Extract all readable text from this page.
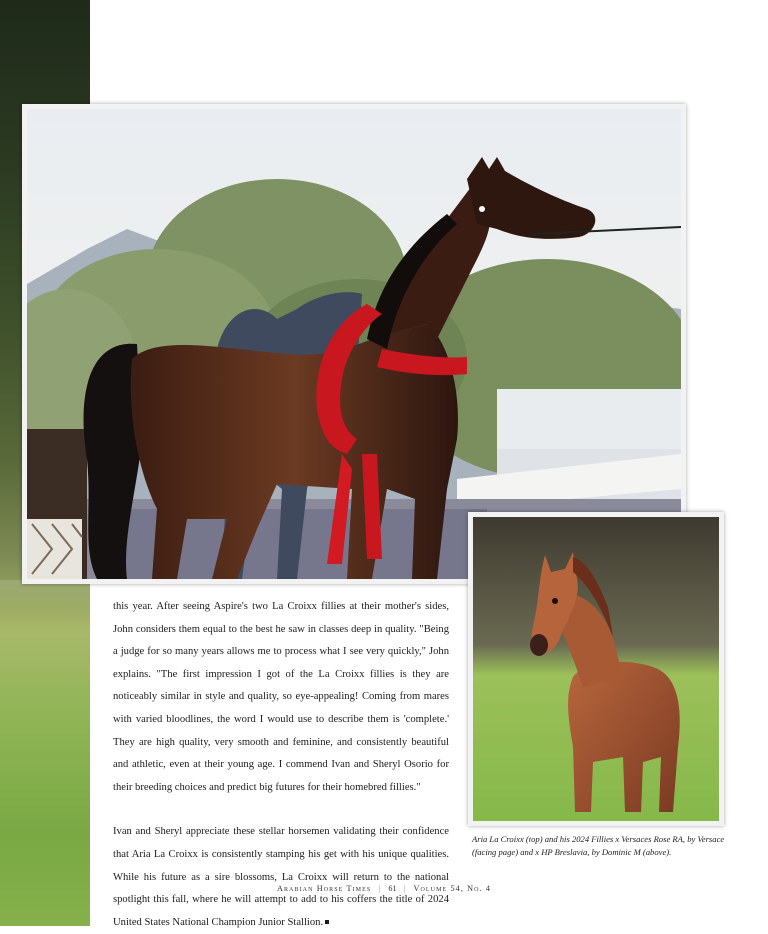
this year. After seeing Aspire's two La Croixx fillies at their mother's sides, John considers them equal to the best he saw in classes deep in quality. "Being a judge for so many years allows me to process what I see very quickly," John explains. "The first impression I got of the La Croixx fillies is they are noticeably similar in style and quality, so eye-appealing! Coming from mares with varied bloodlines, the word I would use to describe them is 'complete.' They are high quality, very smooth and feminine, and consistently beautiful and athletic, even at their young age. I commend Ivan and Sheryl Osorio for their breeding choices and predict big futures for their homebred fillies."

Ivan and Sheryl appreciate these stellar horsemen validating their confidence that Aria La Croixx is consistently stamping his get with his unique qualities. While his future as a sire blossoms, La Croixx will return to the national spotlight this fall, where he will attempt to add to his coffers the title of 2024 United States National Champion Junior Stallion.

Aria La Croixx (top) and his 2024 Fillies x Versaces Rose RA, by Versace (facing page) and x HP Breslavia, by Dominic M (above).
Arabian Horse Times | 61 | Volume 54, No. 4
